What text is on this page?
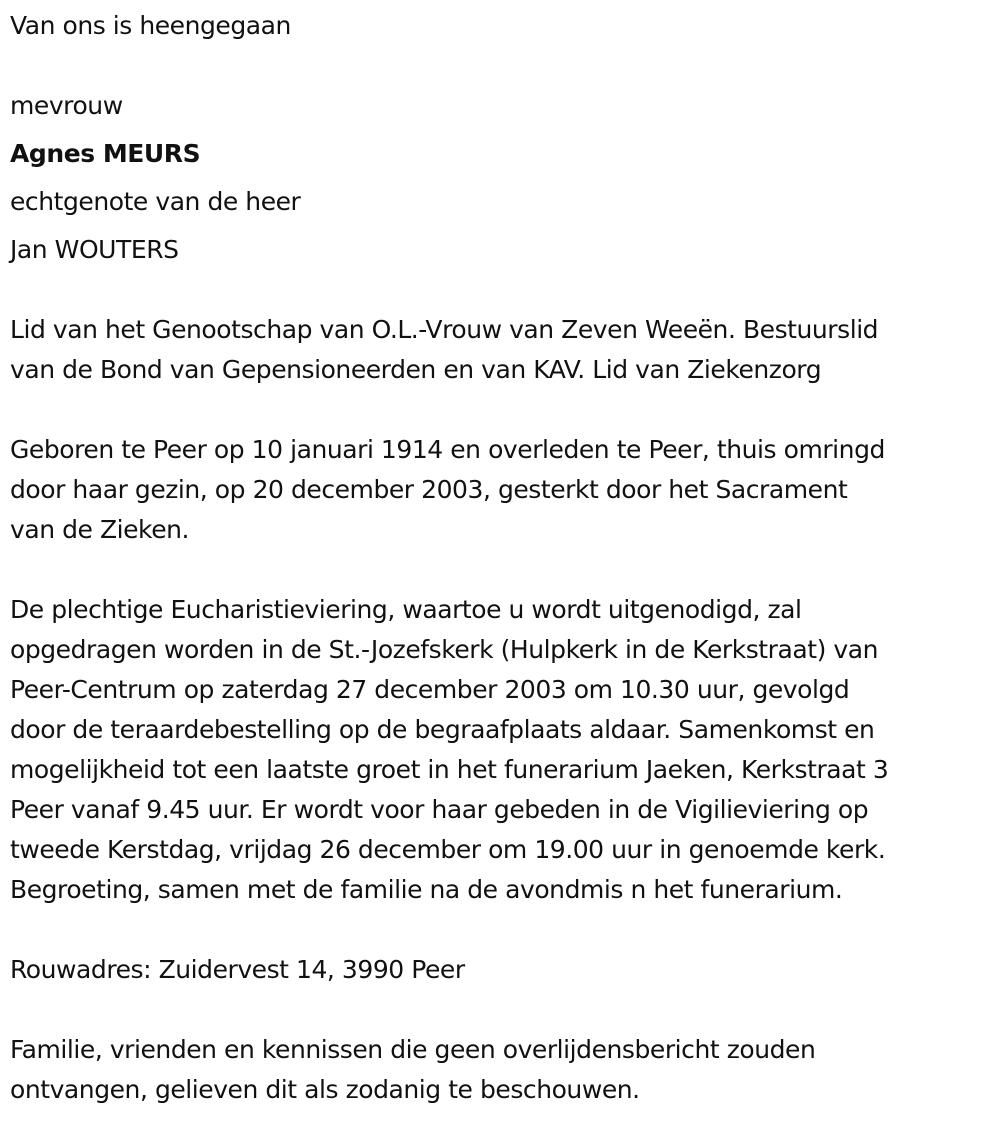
Van ons is heengegaan
mevrouw
Agnes MEURS
echtgenote van de heer
Jan WOUTERS

Lid van het Genootschap van O.L.-Vrouw van Zeven Weeën. Bestuurslid
van de Bond van Gepensioneerden en van KAV. Lid van Ziekenzorg

Geboren te Peer op 10 januari 1914 en overleden te Peer, thuis omringd
door haar gezin, op 20 december 2003, gesterkt door het Sacrament
van de Zieken.

De plechtige Eucharistieviering, waartoe u wordt uitgenodigd, zal
opgedragen worden in de St.-Jozefskerk (Hulpkerk in de Kerkstraat) van
Peer-Centrum op zaterdag 27 december 2003 om 10.30 uur, gevolgd
door de teraardebestelling op de begraafplaats aldaar. Samenkomst en
mogelijkheid tot een laatste groet in het funerarium Jaeken, Kerkstraat 3
Peer vanaf 9.45 uur. Er wordt voor haar gebeden in de Vigilieviering op
tweede Kerstdag, vrijdag 26 december om 19.00 uur in genoemde kerk.
Begroeting, samen met de familie na de avondmis n het funerarium.

Rouwadres: Zuidervest 14, 3990 Peer

Familie, vrienden en kennissen die geen overlijdensbericht zouden
ontvangen, gelieven dit als zodanig te beschouwen.
